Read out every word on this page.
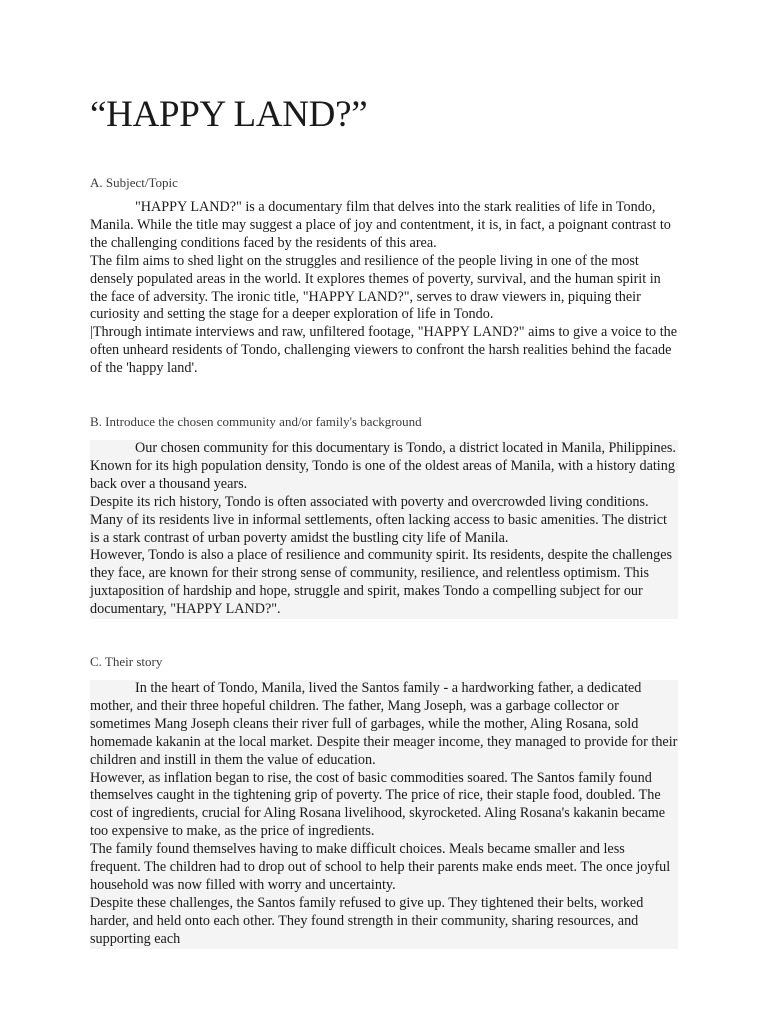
“HAPPY LAND?”
A. Subject/Topic

"HAPPY LAND?" is a documentary film that delves into the stark realities of life in Tondo, Manila. While the title may suggest a place of joy and contentment, it is, in fact, a poignant contrast to the challenging conditions faced by the residents of this area.

The film aims to shed light on the struggles and resilience of the people living in one of the most densely populated areas in the world. It explores themes of poverty, survival, and the human spirit in the face of adversity. The ironic title, "HAPPY LAND?", serves to draw viewers in, piquing their curiosity and setting the stage for a deeper exploration of life in Tondo.

|Through intimate interviews and raw, unfiltered footage, "HAPPY LAND?" aims to give a voice to the often unheard residents of Tondo, challenging viewers to confront the harsh realities behind the facade of the 'happy land'.

B. Introduce the chosen community and/or family's background

Our chosen community for this documentary is Tondo, a district located in Manila, Philippines. Known for its high population density, Tondo is one of the oldest areas of Manila, with a history dating back over a thousand years.

Despite its rich history, Tondo is often associated with poverty and overcrowded living conditions. Many of its residents live in informal settlements, often lacking access to basic amenities. The district is a stark contrast of urban poverty amidst the bustling city life of Manila.

However, Tondo is also a place of resilience and community spirit. Its residents, despite the challenges they face, are known for their strong sense of community, resilience, and relentless optimism. This juxtaposition of hardship and hope, struggle and spirit, makes Tondo a compelling subject for our documentary, "HAPPY LAND?".

C. Their story

In the heart of Tondo, Manila, lived the Santos family - a hardworking father, a dedicated mother, and their three hopeful children. The father, Mang Joseph, was a garbage collector or sometimes Mang Joseph cleans their river full of garbages, while the mother, Aling Rosana, sold homemade kakanin at the local market. Despite their meager income, they managed to provide for their children and instill in them the value of education.

However, as inflation began to rise, the cost of basic commodities soared. The Santos family found themselves caught in the tightening grip of poverty. The price of rice, their staple food, doubled. The cost of ingredients, crucial for Aling Rosana livelihood, skyrocketed. Aling Rosana's kakanin became too expensive to make, as the price of ingredients.

The family found themselves having to make difficult choices. Meals became smaller and less frequent. The children had to drop out of school to help their parents make ends meet. The once joyful household was now filled with worry and uncertainty.

Despite these challenges, the Santos family refused to give up. They tightened their belts, worked harder, and held onto each other. They found strength in their community, sharing resources, and supporting each
